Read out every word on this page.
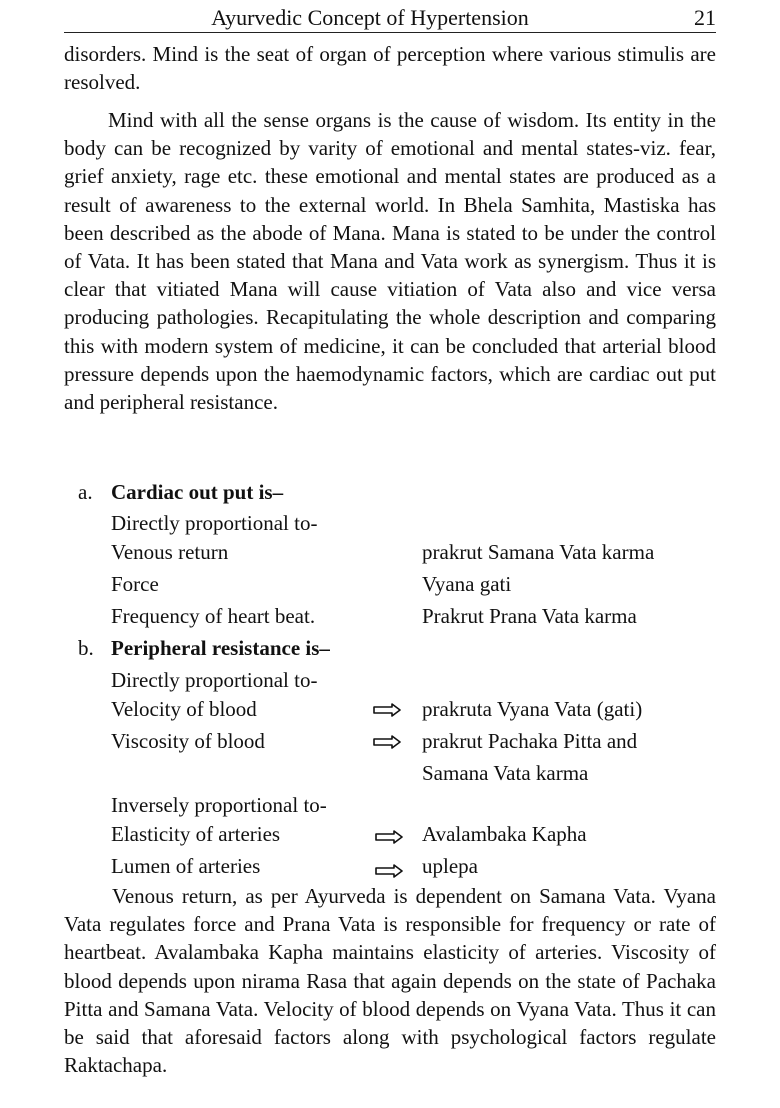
Ayurvedic Concept of Hypertension	21

disorders. Mind is the seat of organ of perception where various stimulis are resolved.

Mind with all the sense organs is the cause of wisdom. Its entity in the body can be recognized by varity of emotional and mental states-viz. fear, grief anxiety, rage etc. these emotional and mental states are produced as a result of awareness to the external world. In Bhela Samhita, Mastiska has been described as the abode of Mana. Mana is stated to be under the control of Vata. It has been stated that Mana and Vata work as synergism. Thus it is clear that vitiated Mana will cause vitiation of Vata also and vice versa producing pathologies. Recapitulating the whole description and comparing this with modern system of medicine, it can be concluded that arterial blood pressure depends upon the haemodynamic factors, which are cardiac out put and peripheral resistance.

a. Cardiac out put is–
Directly proportional to-
Venous return	prakrut Samana Vata karma
Force	Vyana gati
Frequency of heart beat.	Prakrut Prana Vata karma
b. Peripheral resistance is–
Directly proportional to-
Velocity of blood	prakruta Vyana Vata (gati)
Viscosity of blood	prakrut Pachaka Pitta and
Samana Vata karma
Inversely proportional to-
Elasticity of arteries	Avalambaka Kapha
Lumen of arteries	uplepa

Venous return, as per Ayurveda is dependent on Samana Vata. Vyana Vata regulates force and Prana Vata is responsible for frequency or rate of heartbeat. Avalambaka Kapha maintains elasticity of arteries. Viscosity of blood depends upon nirama Rasa that again depends on the state of Pachaka Pitta and Samana Vata. Velocity of blood depends on Vyana Vata. Thus it can be said that aforesaid factors along with psychological factors regulate Raktachapa.
